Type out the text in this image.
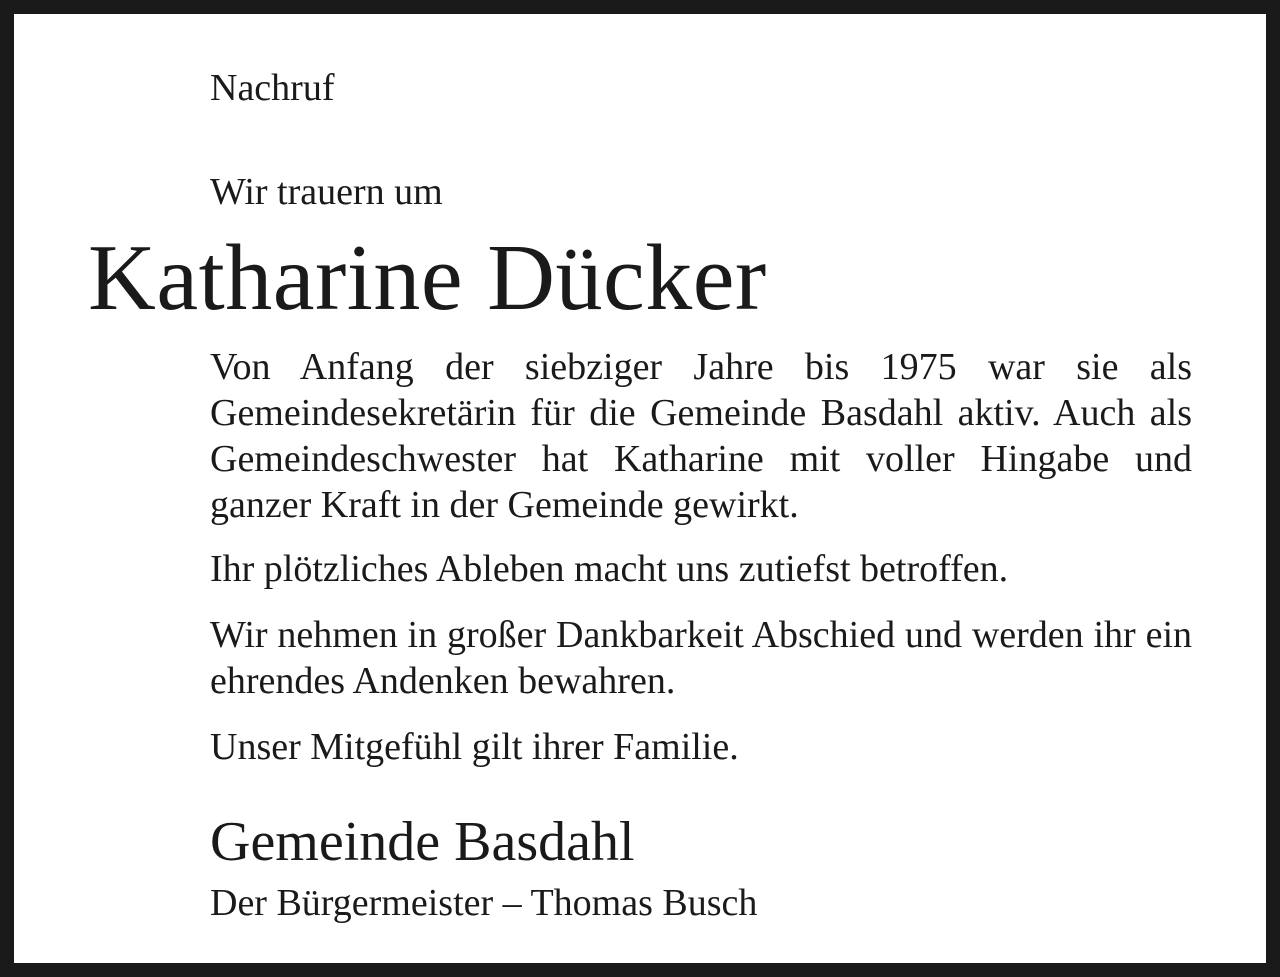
Nachruf

Wir trauern um

Katharine Dücker

Von Anfang der siebziger Jahre bis 1975 war sie als Gemeindesekretärin für die Gemeinde Basdahl aktiv. Auch als Gemeindeschwester hat Katharine mit voller Hingabe und ganzer Kraft in der Gemeinde gewirkt.

Ihr plötzliches Ableben macht uns zutiefst betroffen.

Wir nehmen in großer Dankbarkeit Abschied und werden ihr ein ehrendes Andenken bewahren.

Unser Mitgefühl gilt ihrer Familie.

Gemeinde Basdahl

Der Bürgermeister – Thomas Busch
